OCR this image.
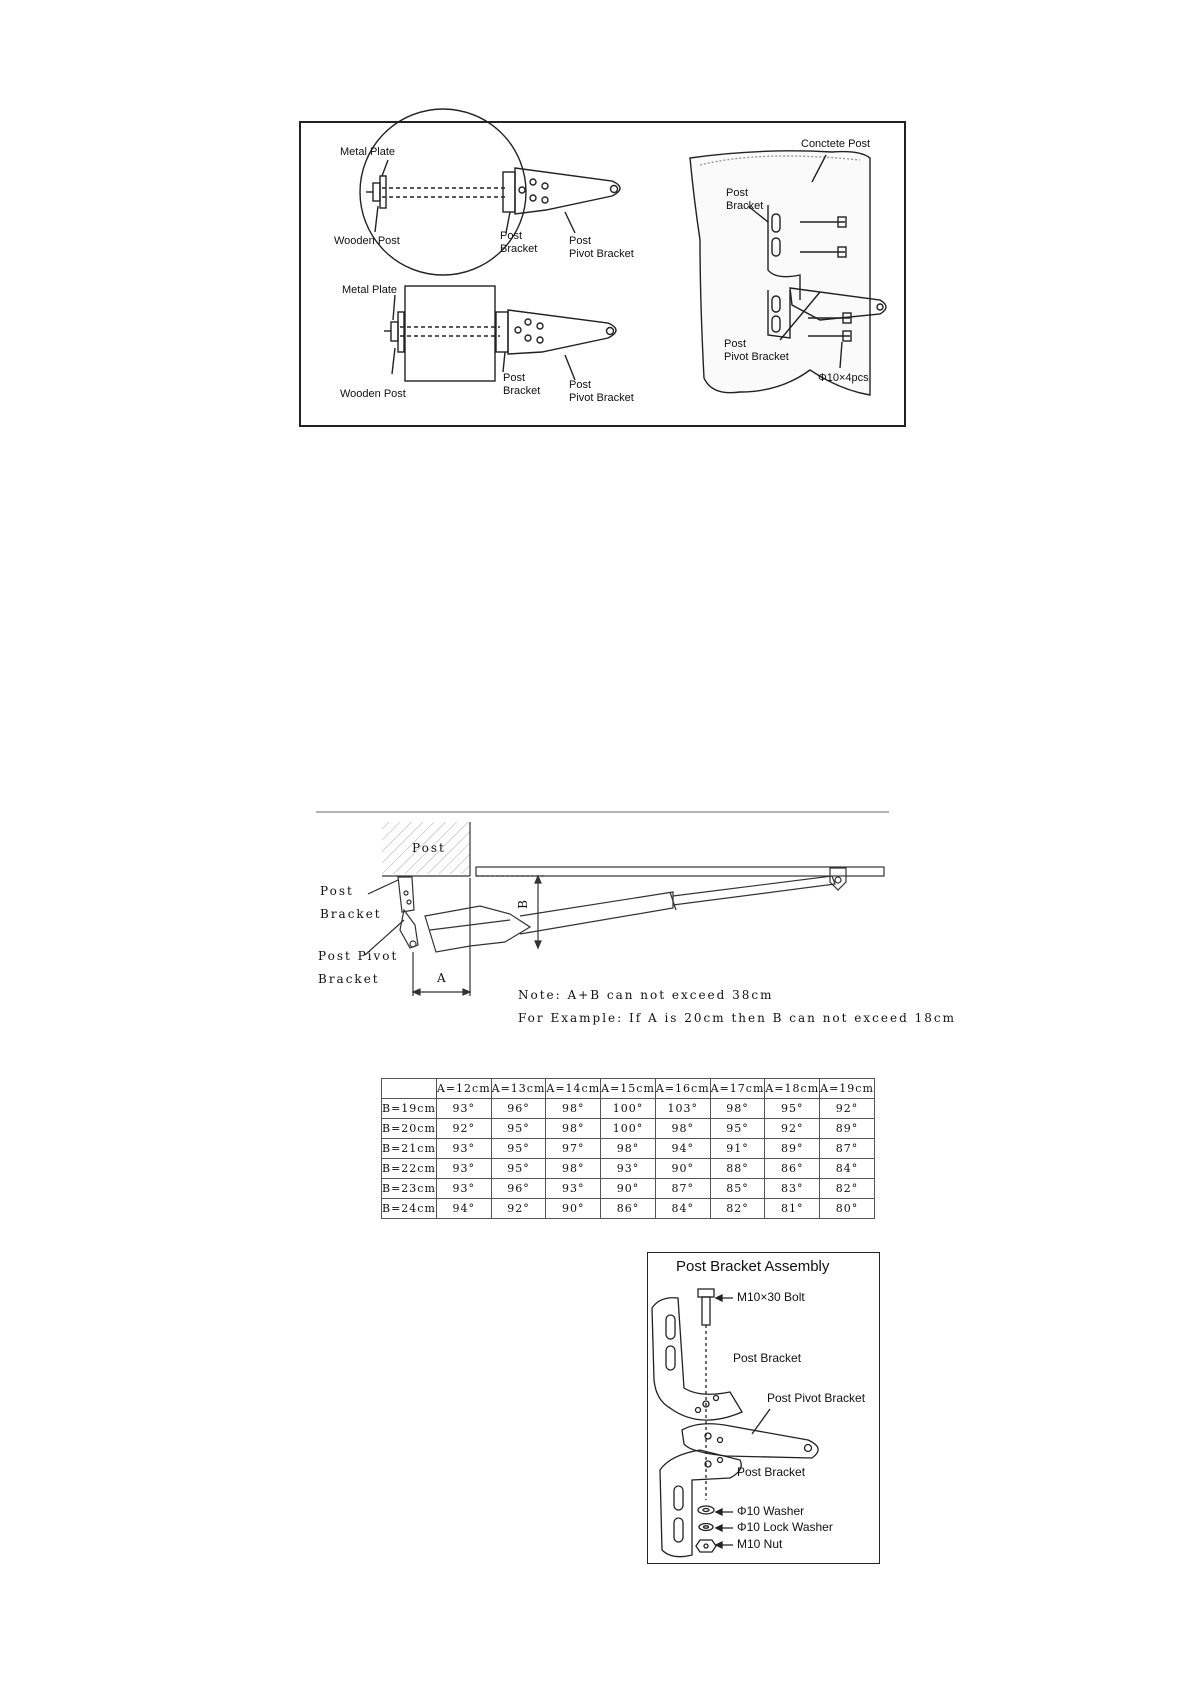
Metal Plate
Wooden Post	Post
Bracket
Post
Pivot Bracket
Metal Plate
Wooden Post
Post
Bracket	Post
Pivot Bracket
Conctete Post
Post
Bracket
Post
Pivot Bracket
Φ10×4pcs
Post
Post
Bracket
Post Pivot
Bracket	A
B
Note: A+B can not exceed 38cm
For Example: If A is 20cm then B can not exceed 18cm
	A=12cm	A=13cm	A=14cm	A=15cm	A=16cm	A=17cm	A=18cm	A=19cm
B=19cm	93°	96°	98°	100°	103°	98°	95°	92°
B=20cm	92°	95°	98°	100°	98°	95°	92°	89°
B=21cm	93°	95°	97°	98°	94°	91°	89°	87°
B=22cm	93°	95°	98°	93°	90°	88°	86°	84°
B=23cm	93°	96°	93°	90°	87°	85°	83°	82°
B=24cm	94°	92°	90°	86°	84°	82°	81°	80°
Post Bracket Assembly
M10×30 Bolt
Post Bracket
Post Pivot Bracket
Post Bracket
Φ10 Washer
Φ10 Lock Washer
M10 Nut
